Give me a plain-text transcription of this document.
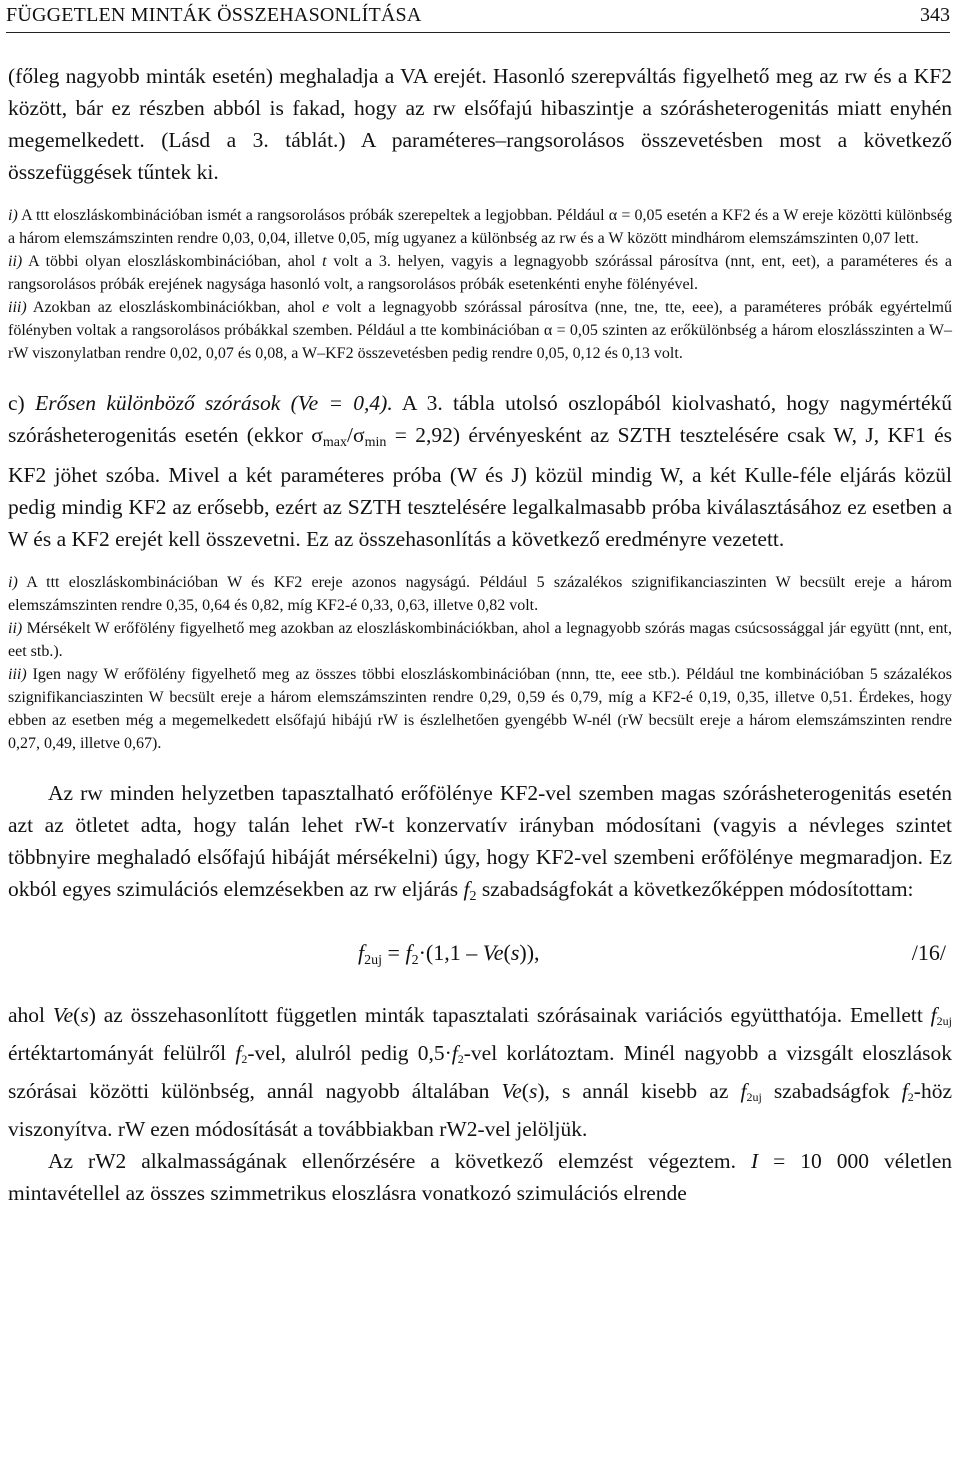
FÜGGETLEN MINTÁK ÖSSZEHASONLÍTÁSA	343

(főleg nagyobb minták esetén) meghaladja a VA erejét. Hasonló szerepváltás figyelhető meg az rw és a KF2 között, bár ez részben abból is fakad, hogy az rw elsőfajú hibaszintje a szórásheterogenitás miatt enyhén megemelkedett. (Lásd a 3. táblát.) A paraméteres–rangsorolásos összevetésben most a következő összefüggések tűntek ki.

i) A ttt eloszláskombinációban ismét a rangsorolásos próbák szerepeltek a legjobban. Például α = 0,05 esetén a KF2 és a W ereje közötti különbség a három elemszámszinten rendre 0,03, 0,04, illetve 0,05, míg ugyanez a különbség az rw és a W között mindhárom elemszámszinten 0,07 lett.

ii) A többi olyan eloszláskombinációban, ahol t volt a 3. helyen, vagyis a legnagyobb szórással párosítva (nnt, ent, eet), a paraméteres és a rangsorolásos próbák erejének nagysága hasonló volt, a rangsorolásos próbák esetenkénti enyhe fölényével.

iii) Azokban az eloszláskombinációkban, ahol e volt a legnagyobb szórással párosítva (nne, tne, tte, eee), a paraméteres próbák egyértelmű fölényben voltak a rangsorolásos próbákkal szemben. Például a tte kombinációban α = 0,05 szinten az erőkülönbség a három eloszlásszinten a W–rW viszonylatban rendre 0,02, 0,07 és 0,08, a W–KF2 összevetésben pedig rendre 0,05, 0,12 és 0,13 volt.

c) Erősen különböző szórások (Ve = 0,4). A 3. tábla utolsó oszlopából kiolvasható, hogy nagymértékű szórásheterogenitás esetén (ekkor $\sigma_{max}/\sigma_{min} = 2,92$) érvényesként az SZTH tesztelésére csak W, J, KF1 és KF2 jöhet szóba. Mivel a két paraméteres próba (W és J) közül mindig W, a két Kulle-féle eljárás közül pedig mindig KF2 az erősebb, ezért az SZTH tesztelésére legalkalmasabb próba kiválasztásához ez esetben a W és a KF2 erejét kell összevetni. Ez az összehasonlítás a következő eredményre vezetett.

i) A ttt eloszláskombinációban W és KF2 ereje azonos nagyságú. Például 5 százalékos szignifikanciaszinten W becsült ereje a három elemszámszinten rendre 0,35, 0,64 és 0,82, míg KF2-é 0,33, 0,63, illetve 0,82 volt.

ii) Mérsékelt W erőfölény figyelhető meg azokban az eloszláskombinációkban, ahol a legnagyobb szórás magas csúcsossággal jár együtt (nnt, ent, eet stb.).

iii) Igen nagy W erőfölény figyelhető meg az összes többi eloszláskombinációban (nnn, tte, eee stb.). Például tne kombinációban 5 százalékos szignifikanciaszinten W becsült ereje a három elemszámszinten rendre 0,29, 0,59 és 0,79, míg a KF2-é 0,19, 0,35, illetve 0,51. Érdekes, hogy ebben az esetben még a megemelkedett elsőfajú hibájú rW is észlelhetően gyengébb W-nél (rW becsült ereje a három elemszámszinten rendre 0,27, 0,49, illetve 0,67).

Az rw minden helyzetben tapasztalható erőfölénye KF2-vel szemben magas szórásheterogenitás esetén azt az ötletet adta, hogy talán lehet rW-t konzervatív irányban módosítani (vagyis a névleges szintet többnyire meghaladó elsőfajú hibáját mérsékelni) úgy, hogy KF2-vel szembeni erőfölénye megmaradjon. Ez okból egyes szimulációs elemzésekben az rw eljárás $f_2$ szabadságfokát a következőképpen módosítottam:

$f_{2uj} = f_2\cdot(1,1 - Ve(s))$,	/16/

ahol Ve(s) az összehasonlított független minták tapasztalati szórásainak variációs együtthatója. Emellett f2uj értéktartományát felülről f2-vel, alulról pedig 0,5·f2-vel korlátoztam. Minél nagyobb a vizsgált eloszlások szórásai közötti különbség, annál nagyobb általában Ve(s), s annál kisebb az f2uj szabadságfok f2-höz viszonyítva. rW ezen módosítását a továbbiakban rW2-vel jelöljük.

Az rW2 alkalmasságának ellenőrzésére a következő elemzést végeztem. I = 10 000 véletlen mintavétellel az összes szimmetrikus eloszlásra vonatkozó szimulációs elrende
